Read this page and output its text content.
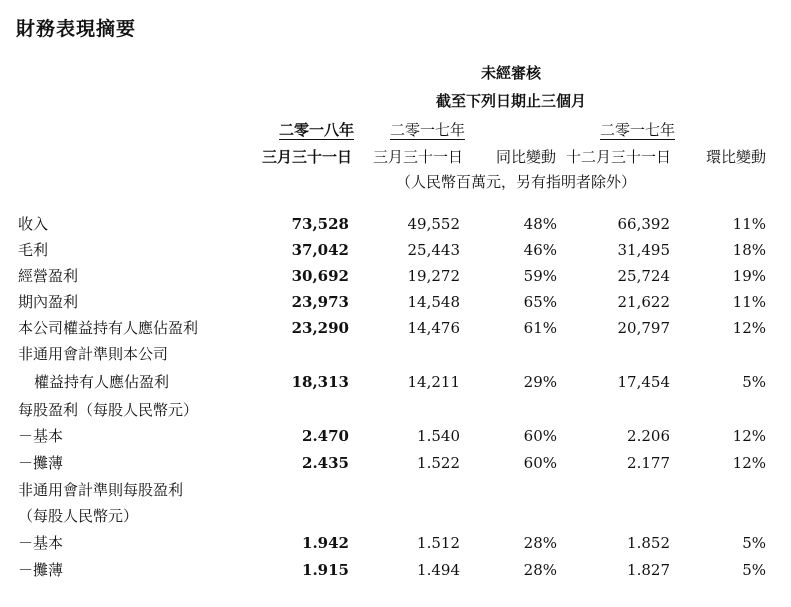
財務表現摘要
未經審核
截至下列日期止三個月
二零一八年
三月三十一日
二零一七年
三月三十一日 同比變動
二零一七年
十二月三十一日 環比變動
（人民幣百萬元，另有指明者除外）
收入	73,528	49,552	48%	66,392	11%
毛利	37,042	25,443	46%	31,495	18%
經營盈利	30,692	19,272	59%	25,724	19%
期內盈利	23,973	14,548	65%	21,622	11%
本公司權益持有人應佔盈利	23,290	14,476	61%	20,797	12%
非通用會計準則本公司
權益持有人應佔盈利	18,313	14,211	29%	17,454	5%
每股盈利（每股人民幣元）
－基本	2.470	1.540	60%	2.206	12%
－攤薄	2.435	1.522	60%	2.177	12%
非通用會計準則每股盈利
（每股人民幣元）
－基本	1.942	1.512	28%	1.852	5%
－攤薄	1.915	1.494	28%	1.827	5%
